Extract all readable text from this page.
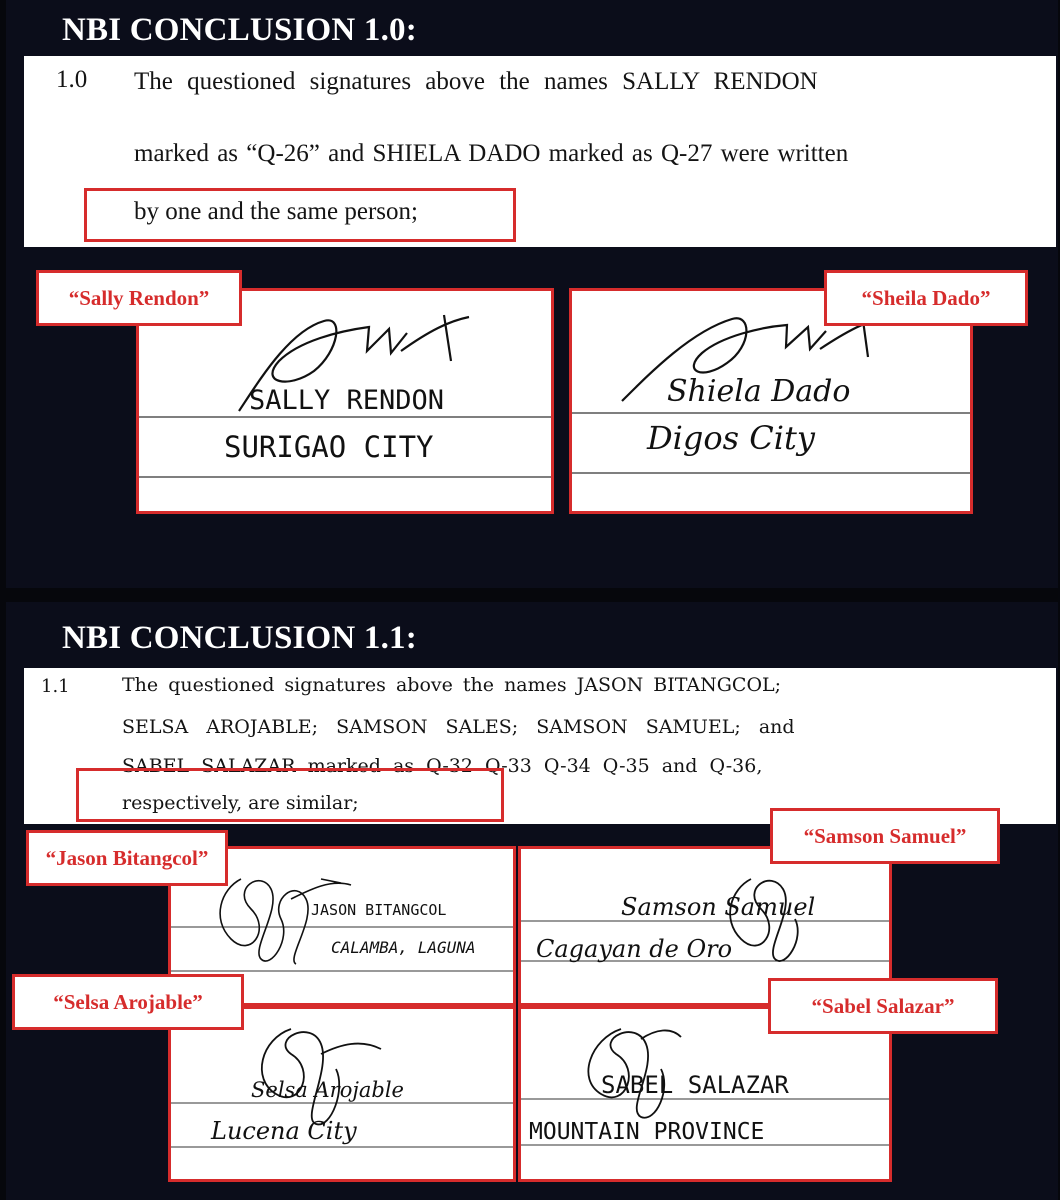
NBI CONCLUSION 1.0:
1.0 The questioned signatures above the names SALLY RENDON
marked as “Q-26” and SHIELA DADO marked as Q-27 were written
by one and the same person;
SALLY RENDON
SURIGAO CITY
“Sally Rendon”
Shiela Dado
Digos City
“Sheila Dado”
NBI CONCLUSION 1.1:
1.1	The questioned signatures above the names JASON BITANGCOL;
SELSA AROJABLE; SAMSON SALES; SAMSON SAMUEL; and
SABEL SALAZAR marked as Q-32 Q-33 Q-34 Q-35 and Q-36,
respectively, are similar;
JASON BITANGCOL
CALAMBA, LAGUNA
“Jason Bitangcol”
Samson Samuel
Cagayan de Oro
“Samson Samuel”
Selsa Arojable
Lucena City
“Selsa Arojable”
SABEL SALAZAR
MOUNTAIN PROVINCE
“Sabel Salazar”
